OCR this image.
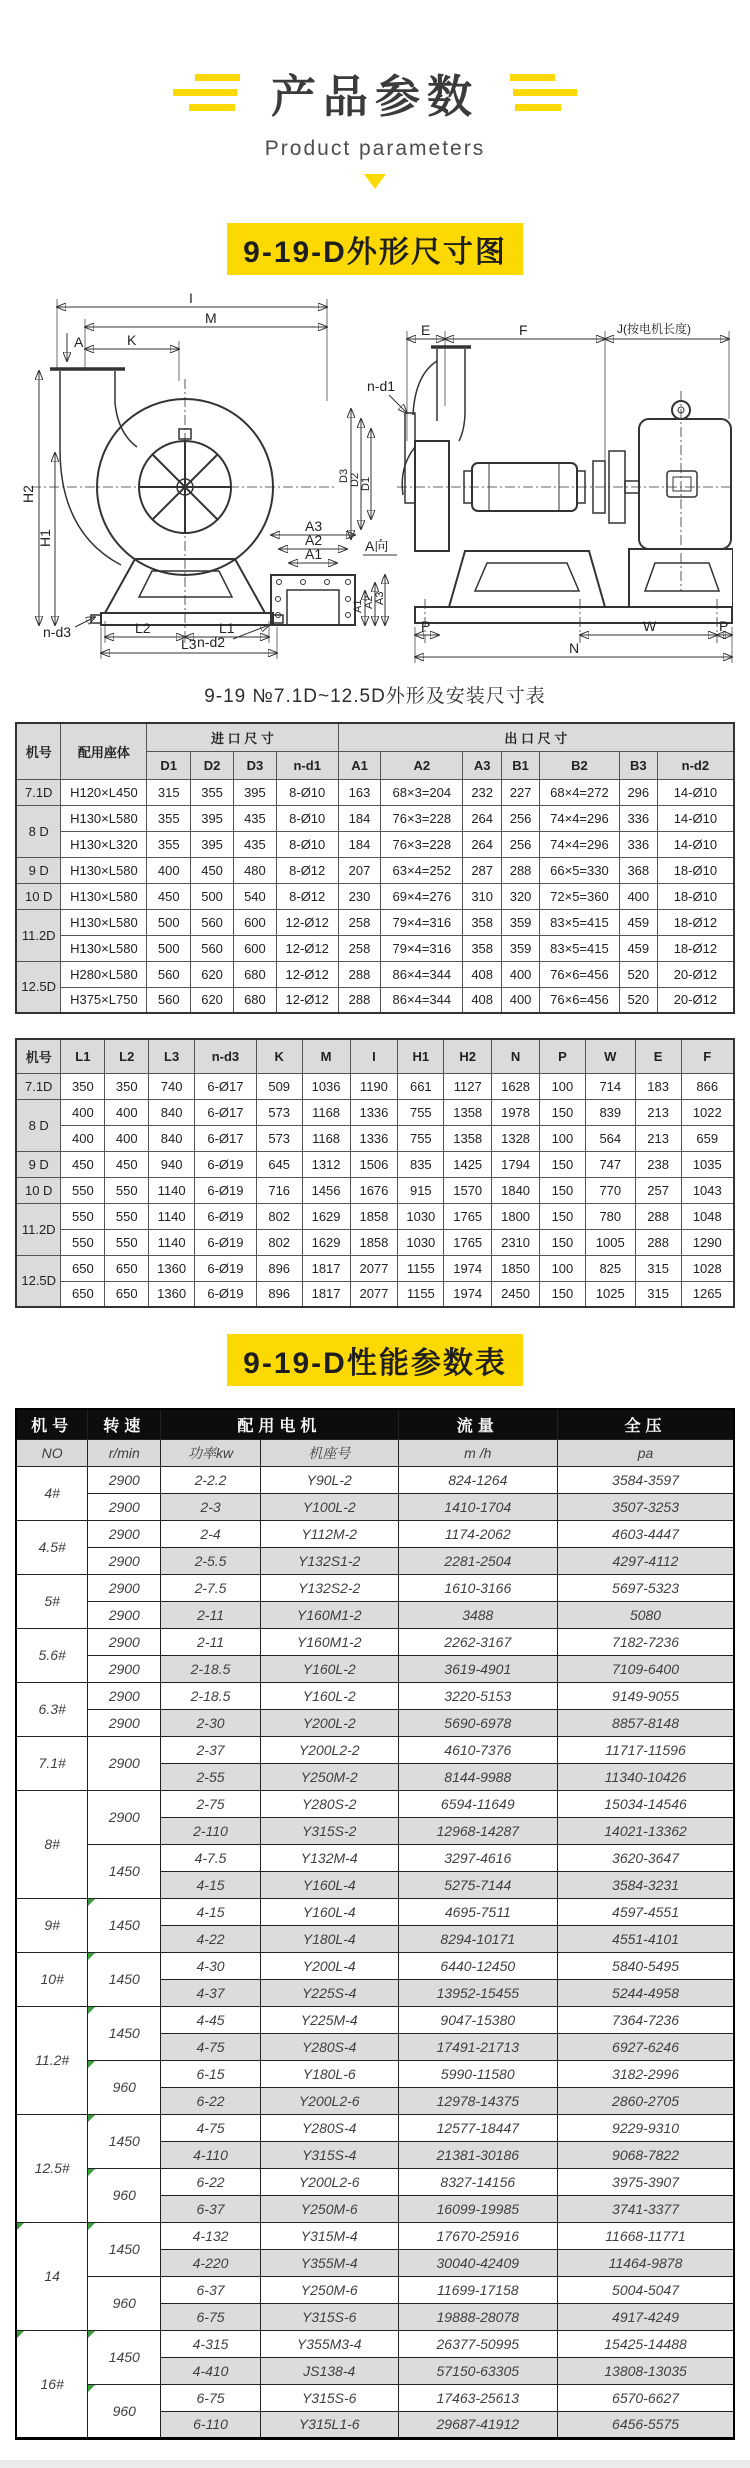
产品参数
Product parameters
9-19-D外形尺寸图
I
M
K
A
H2
H1
L2	L1
L3
n-d3
A3
A2
A1
n-d2
A向
A1 A2 A3
E	F	J(按电机长度)
n-d1
D3 D2 D1
P	W	P
N
9-19 №7.1D~12.5D外形及安装尺寸表
机号	配用座体	进 口 尺 寸				出 口 尺 寸						
		D1	D2	D3	n-d1	A1	A2	A3	B1	B2	B3	n-d2
7.1D	H120×L450	315	355	395	8-Ø10	163	68×3=204	232	227	68×4=272	296	14-Ø10
8 D	H130×L580	355	395	435	8-Ø10	184	76×3=228	264	256	74×4=296	336	14-Ø10
	H130×L320	355	395	435	8-Ø10	184	76×3=228	264	256	74×4=296	336	14-Ø10
9 D	H130×L580	400	450	480	8-Ø12	207	63×4=252	287	288	66×5=330	368	18-Ø10
10 D	H130×L580	450	500	540	8-Ø12	230	69×4=276	310	320	72×5=360	400	18-Ø10
11.2D	H130×L580	500	560	600	12-Ø12	258	79×4=316	358	359	83×5=415	459	18-Ø12
	H130×L580	500	560	600	12-Ø12	258	79×4=316	358	359	83×5=415	459	18-Ø12
12.5D	H280×L580	560	620	680	12-Ø12	288	86×4=344	408	400	76×6=456	520	20-Ø12
	H375×L750	560	620	680	12-Ø12	288	86×4=344	408	400	76×6=456	520	20-Ø12
机号	L1	L2	L3	n-d3	K	M	I	H1	H2	N	P	W	E	F
7.1D	350	350	740	6-Ø17	509	1036	1190	661	1127	1628	100	714	183	866
8 D	400	400	840	6-Ø17	573	1168	1336	755	1358	1978	150	839	213	1022
	400	400	840	6-Ø17	573	1168	1336	755	1358	1328	100	564	213	659
9 D	450	450	940	6-Ø19	645	1312	1506	835	1425	1794	150	747	238	1035
10 D	550	550	1140	6-Ø19	716	1456	1676	915	1570	1840	150	770	257	1043
11.2D	550	550	1140	6-Ø19	802	1629	1858	1030	1765	1800	150	780	288	1048
	550	550	1140	6-Ø19	802	1629	1858	1030	1765	2310	150	1005	288	1290
12.5D	650	650	1360	6-Ø19	896	1817	2077	1155	1974	1850	100	825	315	1028
	650	650	1360	6-Ø19	896	1817	2077	1155	1974	2450	150	1025	315	1265
9-19-D性能参数表
机号	转速	配用电机		流量	全压
NO	r/min	功率kw	机座号	m /h	pa
4#	2900	2-2.2	Y90L-2	824-1264	3584-3597
	2900	2-3	Y100L-2	1410-1704	3507-3253
4.5#	2900	2-4	Y112M-2	1174-2062	4603-4447
	2900	2-5.5	Y132S1-2	2281-2504	4297-4112
5#	2900	2-7.5	Y132S2-2	1610-3166	5697-5323
	2900	2-11	Y160M1-2	3488	5080
5.6#	2900	2-11	Y160M1-2	2262-3167	7182-7236
	2900	2-18.5	Y160L-2	3619-4901	7109-6400
6.3#	2900	2-18.5	Y160L-2	3220-5153	9149-9055
	2900	2-30	Y200L-2	5690-6978	8857-8148
7.1#	2900	2-37	Y200L2-2	4610-7376	11717-11596
		2-55	Y250M-2	8144-9988	11340-10426
8#	2900	2-75	Y280S-2	6594-11649	15034-14546
		2-110	Y315S-2	12968-14287	14021-13362
	1450	4-7.5	Y132M-4	3297-4616	3620-3647
		4-15	Y160L-4	5275-7144	3584-3231
9#	1450	4-15	Y160L-4	4695-7511	4597-4551
		4-22	Y180L-4	8294-10171	4551-4101
10#	1450	4-30	Y200L-4	6440-12450	5840-5495
		4-37	Y225S-4	13952-15455	5244-4958
11.2#	1450	4-45	Y225M-4	9047-15380	7364-7236
		4-75	Y280S-4	17491-21713	6927-6246
	960	6-15	Y180L-6	5990-11580	3182-2996
		6-22	Y200L2-6	12978-14375	2860-2705
12.5#	1450	4-75	Y280S-4	12577-18447	9229-9310
		4-110	Y315S-4	21381-30186	9068-7822
	960	6-22	Y200L2-6	8327-14156	3975-3907
		6-37	Y250M-6	16099-19985	3741-3377
14	1450	4-132	Y315M-4	17670-25916	11668-11771
		4-220	Y355M-4	30040-42409	11464-9878
	960	6-37	Y250M-6	11699-17158	5004-5047
		6-75	Y315S-6	19888-28078	4917-4249
16#	1450	4-315	Y355M3-4	26377-50995	15425-14488
		4-410	JS138-4	57150-63305	13808-13035
	960	6-75	Y315S-6	17463-25613	6570-6627
		6-110	Y315L1-6	29687-41912	6456-5575
